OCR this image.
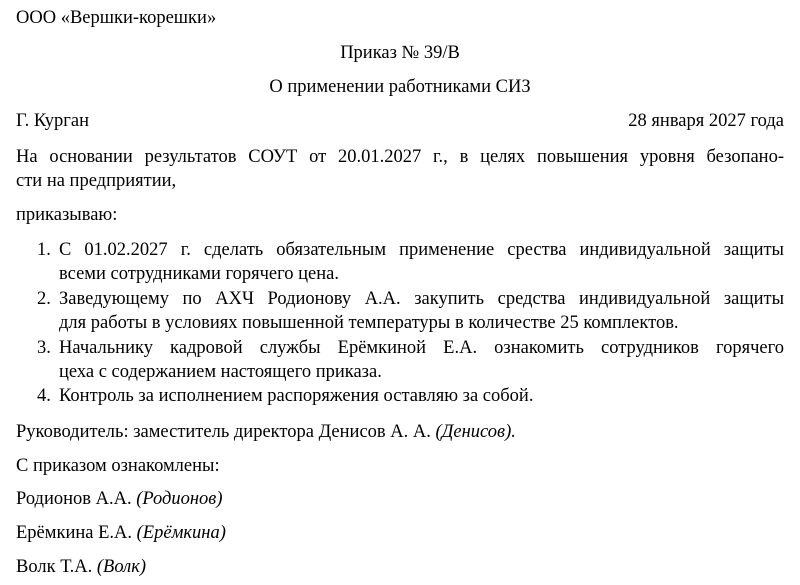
ООО «Вершки-корешки»
Приказ № 39/В
О применении работниками СИЗ
Г. Курган	28 января 2027 года
На основании результатов СОУТ от 20.01.2027 г., в целях повышения уровня безопано-
сти на предприятии,
приказываю:
1. С 01.02.2027 г. сделать обязательным применение срества индивидуальной защиты
всеми сотрудниками горячего цена.
2. Заведующему по АХЧ Родионову А.А. закупить средства индивидуальной защиты
для работы в условиях повышенной температуры в количестве 25 комплектов.
3. Начальнику кадровой службы Ерёмкиной Е.А. ознакомить сотрудников горячего
цеха с содержанием настоящего приказа.
4. Контроль за исполнением распоряжения оставляю за собой.
Руководитель: заместитель директора Денисов А. А. (Денисов).
С приказом ознакомлены:
Родионов А.А. (Родионов)
Ерёмкина Е.А. (Ерёмкина)
Волк Т.А. (Волк)
